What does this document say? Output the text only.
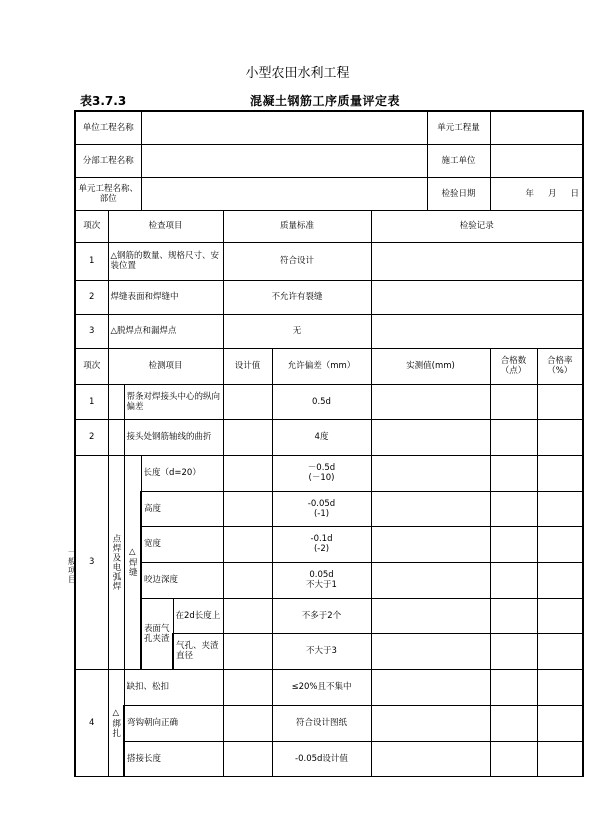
小型农田水利工程
表3.7.3	混凝土钢筋工序质量评定表
一般项目
单位工程名称								单元工程量		
分部工程名称								施工单位		
单元工程名称、部位								检验日期	年 月 日	
项次	检查项目				质量标准		检验记录			
1	△钢筋的数量、规格尺寸、安装位置				符合设计					
2	焊缝表面和焊缝中				不允许有裂缝					
3	△脱焊点和漏焊点				无					
项次	检测项目				设计值	允许偏差（mm）	实测值(mm)		合格数（点）	合格率（%）
1		帮条对焊接头中心的纵向偏差				0.5d				
2		接头处钢筋轴线的曲折				4度				
3	点焊及电弧焊	△焊缝	长度（d=20）			－0.5d
(－10)				
			高度			-0.05d
(-1)				
			宽度			-0.1d
(-2)				
			咬边深度			0.05d
不大于1				
			表面气孔夹渣	在2d长度上		不多于2个				
				气孔、夹渣直径		不大于3				
4	△绑扎	缺扣、松扣				≤20%且不集中				
		弯钩朝向正确				符合设计图纸				
		搭接长度				-0.05d设计值				
